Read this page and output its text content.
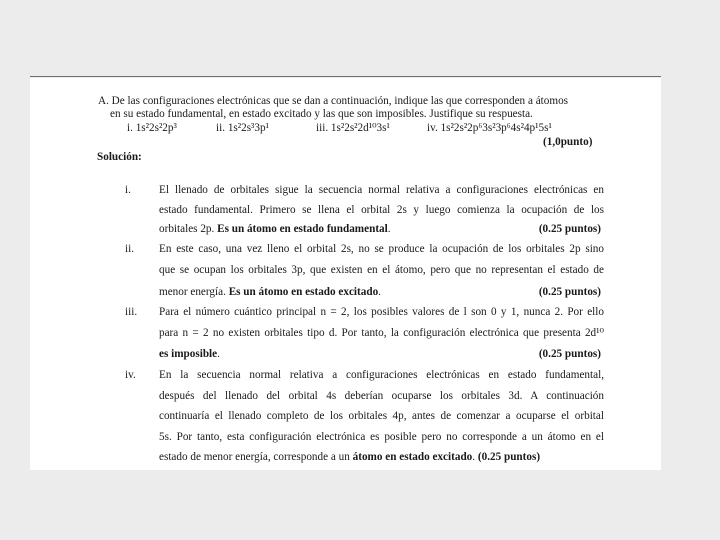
A. De las configuraciones electrónicas que se dan a continuación, indique las que corresponden a átomos
en su estado fundamental, en estado excitado y las que son imposibles. Justifique su respuesta.
i. 1s²2s²2p³	ii. 1s²2s³3p¹	iii. 1s²2s²2d¹⁰3s¹	iv. 1s²2s²2p⁶3s²3p⁶4s²4p¹5s¹
(1,0punto)
Solución:
i.	El llenado de orbitales sigue la secuencia normal relativa a configuraciones electrónicas en
estado fundamental. Primero se llena el orbital 2s y luego comienza la ocupación de los
orbitales 2p. Es un átomo en estado fundamental.	(0.25 puntos)
ii. En este caso, una vez lleno el orbital 2s, no se produce la ocupación de los orbitales 2p sino
que se ocupan los orbitales 3p, que existen en el átomo, pero que no representan el estado de
menor energía. Es un átomo en estado excitado.	(0.25 puntos)
iii. Para el número cuántico principal n = 2, los posibles valores de l son 0 y 1, nunca 2. Por ello
para n = 2 no existen orbitales tipo d. Por tanto, la configuración electrónica que presenta 2d¹⁰
es imposible.	(0.25 puntos)
iv. En la secuencia normal relativa a configuraciones electrónicas en estado fundamental,
después del llenado del orbital 4s deberían ocuparse los orbitales 3d. A continuación
continuaría el llenado completo de los orbitales 4p, antes de comenzar a ocuparse el orbital
5s. Por tanto, esta configuración electrónica es posible pero no corresponde a un átomo en el
estado de menor energía, corresponde a un átomo en estado excitado. (0.25 puntos)
